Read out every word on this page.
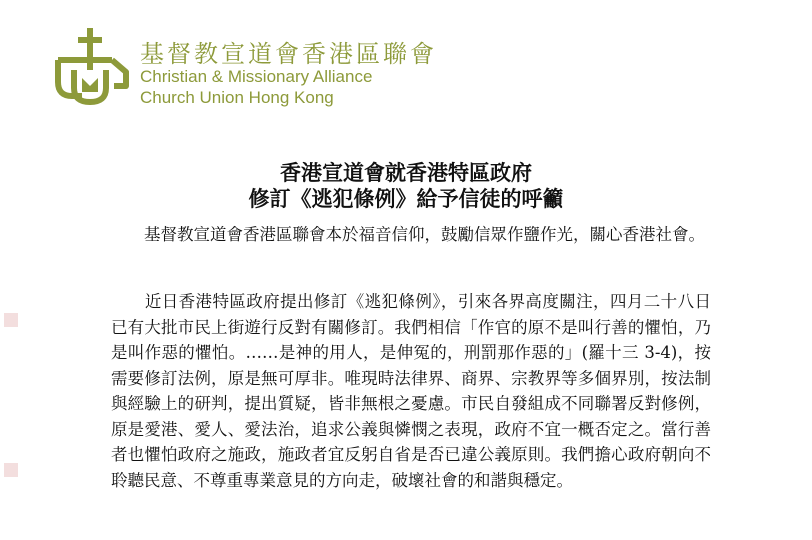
基督教宣道會香港區聯會
Christian & Missionary Alliance
Church Union Hong Kong
香港宣道會就香港特區政府
修訂《逃犯條例》給予信徒的呼籲
　　基督教宣道會香港區聯會本於福音信仰，鼓勵信眾作鹽作光，關心香港社會。
　　近日香港特區政府提出修訂《逃犯條例》，引來各界高度關注，四月二十八日已有大批市民上街遊行反對有關修訂。我們相信「作官的原不是叫行善的懼怕，乃是叫作惡的懼怕。……是神的用人，是伸冤的，刑罰那作惡的」(羅十三 3-4)，按需要修訂法例，原是無可厚非。唯現時法律界、商界、宗教界等多個界別，按法制與經驗上的研判，提出質疑，皆非無根之憂慮。市民自發組成不同聯署反對修例，原是愛港、愛人、愛法治，追求公義與憐憫之表現，政府不宜一概否定之。當行善者也懼怕政府之施政，施政者宜反躬自省是否已違公義原則。我們擔心政府朝向不聆聽民意、不尊重專業意見的方向走，破壞社會的和諧與穩定。
